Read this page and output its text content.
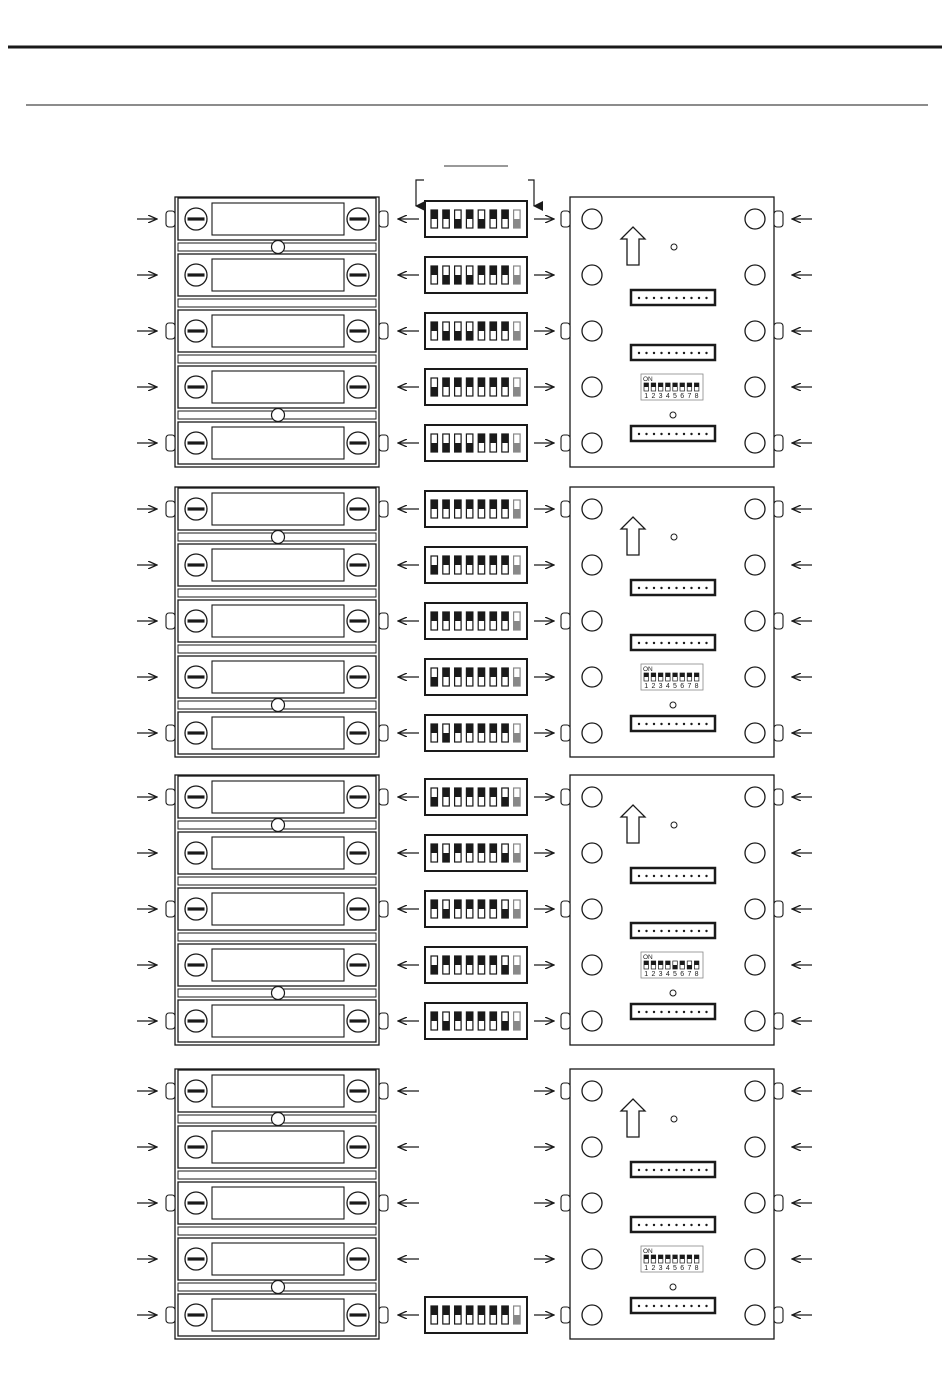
ON
1 2 3 4 5 6 7 8
ON
1 2 3 4 5 6 7 8
ON
1 2 3 4 5 6 7 8
ON
1 2 3 4 5 6 7 8
